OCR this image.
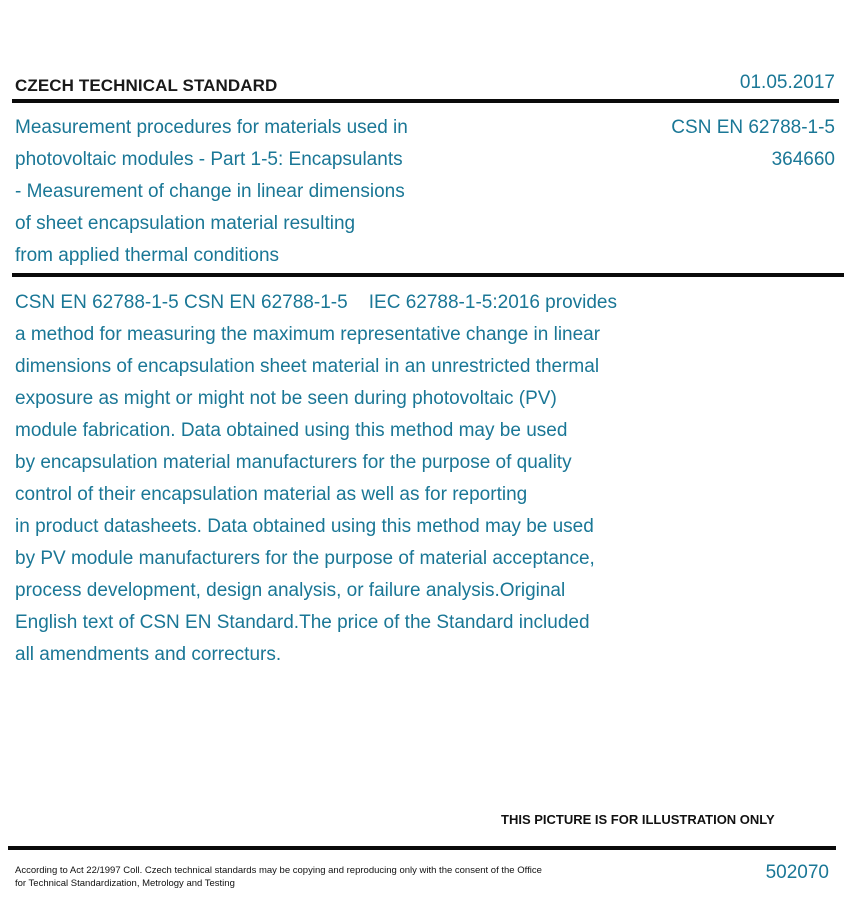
CZECH TECHNICAL STANDARD	01.05.2017
Measurement procedures for materials used in
photovoltaic modules - Part 1-5: Encapsulants
- Measurement of change in linear dimensions
of sheet encapsulation material resulting
from applied thermal conditions
CSN EN 62788-1-5
364660
CSN EN 62788-1-5 CSN EN 62788-1-5    IEC 62788-1-5:2016 provides
a method for measuring the maximum representative change in linear
dimensions of encapsulation sheet material in an unrestricted thermal
exposure as might or might not be seen during photovoltaic (PV)
module fabrication. Data obtained using this method may be used
by encapsulation material manufacturers for the purpose of quality
control of their encapsulation material as well as for reporting
in product datasheets. Data obtained using this method may be used
by PV module manufacturers for the purpose of material acceptance,
process development, design analysis, or failure analysis.Original
English text of CSN EN Standard.The price of the Standard included
all amendments and correcturs.
THIS PICTURE IS FOR ILLUSTRATION ONLY
According to Act 22/1997 Coll. Czech technical standards may be copying and reproducing only with the consent of the Office
for Technical Standardization, Metrology and Testing
502070
